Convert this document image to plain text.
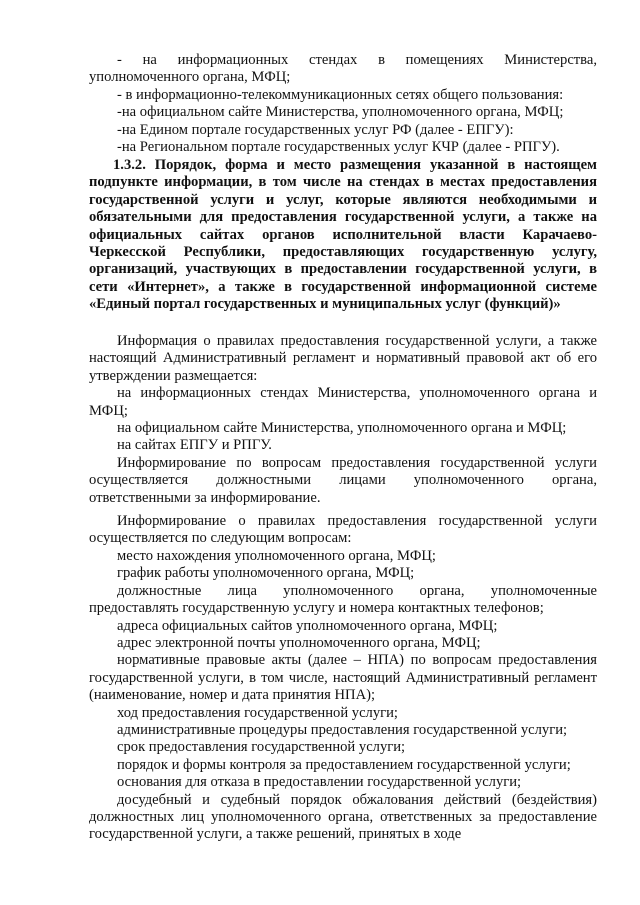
- на информационных стендах в помещениях Министерства, уполномоченного органа, МФЦ;

- в информационно-телекоммуникационных сетях общего пользования:

-на официальном сайте Министерства, уполномоченного органа, МФЦ;

-на Едином портале государственных услуг РФ (далее - ЕПГУ):

-на Региональном портале государственных услуг КЧР (далее - РПГУ).

1.3.2. Порядок, форма и место размещения указанной в настоящем подпункте информации, в том числе на стендах в местах предоставления государственной услуги и услуг, которые являются необходимыми и обязательными для предоставления государственной услуги, а также на официальных сайтах органов исполнительной власти Карачаево-Черкесской Республики, предоставляющих государственную услугу, организаций, участвующих в предоставлении государственной услуги, в сети «Интернет», а также в государственной информационной системе «Единый портал государственных и муниципальных услуг (функций)»

Информация о правилах предоставления государственной услуги, а также настоящий Административный регламент и нормативный правовой акт об его утверждении размещается:

на информационных стендах Министерства, уполномоченного органа и МФЦ;

на официальном сайте Министерства, уполномоченного органа и МФЦ;

на сайтах ЕПГУ и РПГУ.

Информирование по вопросам предоставления государственной услуги осуществляется должностными лицами уполномоченного органа, ответственными за информирование.

Информирование о правилах предоставления государственной услуги осуществляется по следующим вопросам:

место нахождения уполномоченного органа, МФЦ;

график работы уполномоченного органа, МФЦ;

должностные лица уполномоченного органа, уполномоченные предоставлять государственную услугу и номера контактных телефонов;

адреса официальных сайтов уполномоченного органа, МФЦ;

адрес электронной почты уполномоченного органа, МФЦ;

нормативные правовые акты (далее – НПА) по вопросам предоставления государственной услуги, в том числе, настоящий Административный регламент (наименование, номер и дата принятия НПА);

ход предоставления государственной услуги;

административные процедуры предоставления государственной услуги;

срок предоставления государственной услуги;

порядок и формы контроля за предоставлением государственной услуги;

основания для отказа в предоставлении государственной услуги;

досудебный и судебный порядок обжалования действий (бездействия) должностных лиц уполномоченного органа, ответственных за предоставление государственной услуги, а также решений, принятых в ходе
